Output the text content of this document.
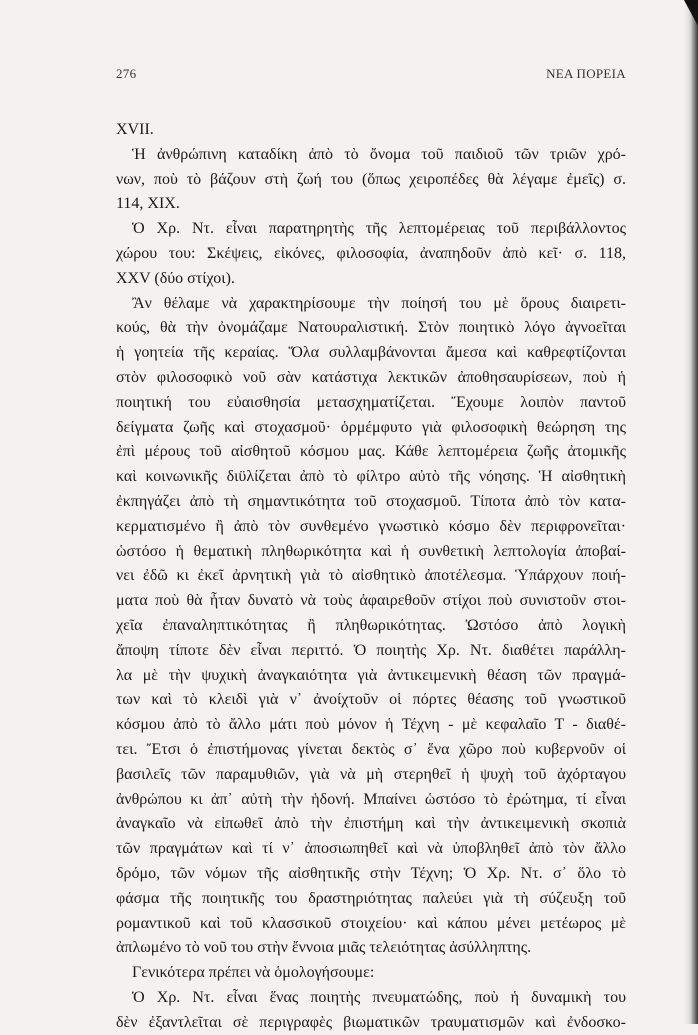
276	ΝΕΑ ΠΟΡΕΙΑ
XVII.
Ἡ ἀνθρώπινη καταδίκη ἀπὸ τὸ ὄνομα τοῦ παιδιοῦ τῶν τριῶν χρό-
νων, ποὺ τὸ βάζουν στὴ ζωή του (ὅπως χειροπέδες θὰ λέγαμε ἐμεῖς) σ.
114, XIX.
Ὁ Χρ. Ντ. εἶναι παρατηρητὴς τῆς λεπτομέρειας τοῦ περιβάλλοντος
χώρου του: Σκέψεις, εἰκόνες, φιλοσοφία, ἀναπηδοῦν ἀπὸ κεῖ· σ. 118,
XXV (δύο στίχοι).
Ἂν θέλαμε νὰ χαρακτηρίσουμε τὴν ποίησή του μὲ ὅρους διαιρετι-
κούς, θὰ τὴν ὀνομάζαμε Νατουραλιστική. Στὸν ποιητικὸ λόγο ἀγνοεῖται
ἡ γοητεία τῆς κεραίας. Ὅλα συλλαμβάνονται ἄμεσα καὶ καθρεφτίζονται
στὸν φιλοσοφικὸ νοῦ σὰν κατάστιχα λεκτικῶν ἀποθησαυρίσεων, ποὺ ἡ
ποιητική του εὐαισθησία μετασχηματίζεται. Ἔχουμε λοιπὸν παντοῦ
δείγματα ζωῆς καὶ στοχασμοῦ· ὁρμέμφυτο γιὰ φιλοσοφικὴ θεώρηση της
ἐπὶ μέρους τοῦ αἰσθητοῦ κόσμου μας. Κάθε λεπτομέρεια ζωῆς ἀτομικῆς
καὶ κοινωνικῆς διϋλίζεται ἀπὸ τὸ φίλτρο αὐτὸ τῆς νόησης. Ἡ αἰσθητικὴ
ἐκπηγάζει ἀπὸ τὴ σημαντικότητα τοῦ στοχασμοῦ. Τίποτα ἀπὸ τὸν κατα-
κερματισμένο ἢ ἀπὸ τὸν συνθεμένο γνωστικὸ κόσμο δὲν περιφρονεῖται·
ὡστόσο ἡ θεματικὴ πληθωρικότητα καὶ ἡ συνθετικὴ λεπτολογία ἀποβαί-
νει ἐδῶ κι ἐκεῖ ἀρνητικὴ γιὰ τὸ αἰσθητικὸ ἀποτέλεσμα. Ὑπάρχουν ποιή-
ματα ποὺ θὰ ἦταν δυνατὸ νὰ τοὺς ἀφαιρεθοῦν στίχοι ποὺ συνιστοῦν στοι-
χεῖα ἐπαναληπτικότητας ἢ πληθωρικότητας. Ὡστόσο ἀπὸ λογικὴ
ἄποψη τίποτε δὲν εἶναι περιττό. Ὁ ποιητὴς Χρ. Ντ. διαθέτει παράλλη-
λα μὲ τὴν ψυχικὴ ἀναγκαιότητα γιὰ ἀντικειμενικὴ θέαση τῶν πραγμά-
των καὶ τὸ κλειδὶ γιὰ ν᾽ ἀνοίχτοῦν οἱ πόρτες θέασης τοῦ γνωστικοῦ
κόσμου ἀπὸ τὸ ἄλλο μάτι ποὺ μόνον ἡ Τέχνη - μὲ κεφαλαῖο Τ - διαθέ-
τει. Ἔτσι ὁ ἐπιστήμονας γίνεται δεκτὸς σ᾽ ἕνα χῶρο ποὺ κυβερνοῦν οἱ
βασιλεῖς τῶν παραμυθιῶν, γιὰ νὰ μὴ στερηθεῖ ἡ ψυχὴ τοῦ ἀχόρταγου
ἀνθρώπου κι ἀπ᾽ αὐτὴ τὴν ἡδονή. Μπαίνει ὡστόσο τὸ ἐρώτημα, τί εἶναι
ἀναγκαῖο νὰ εἰπωθεῖ ἀπὸ τὴν ἐπιστήμη καὶ τὴν ἀντικειμενικὴ σκοπιὰ
τῶν πραγμάτων καὶ τί ν᾽ ἀποσιωπηθεῖ καὶ νὰ ὑποβληθεῖ ἀπὸ τὸν ἄλλο
δρόμο, τῶν νόμων τῆς αἰσθητικῆς στὴν Τέχνη; Ὁ Χρ. Ντ. σ᾽ ὅλο τὸ
φάσμα τῆς ποιητικῆς του δραστηριότητας παλεύει γιὰ τὴ σύζευξη τοῦ
ρομαντικοῦ καὶ τοῦ κλασσικοῦ στοιχείου· καὶ κάπου μένει μετέωρος μὲ
ἀπλωμένο τὸ νοῦ του στὴν ἔννοια μιᾶς τελειότητας ἀσύλληπτης.
Γενικότερα πρέπει νὰ ὁμολογήσουμε:
Ὁ Χρ. Ντ. εἶναι ἕνας ποιητὴς πνευματώδης, ποὺ ἡ δυναμικὴ του
δὲν ἐξαντλεῖται σὲ περιγραφὲς βιωματικῶν τραυματισμῶν καὶ ἐνδοσκο-
